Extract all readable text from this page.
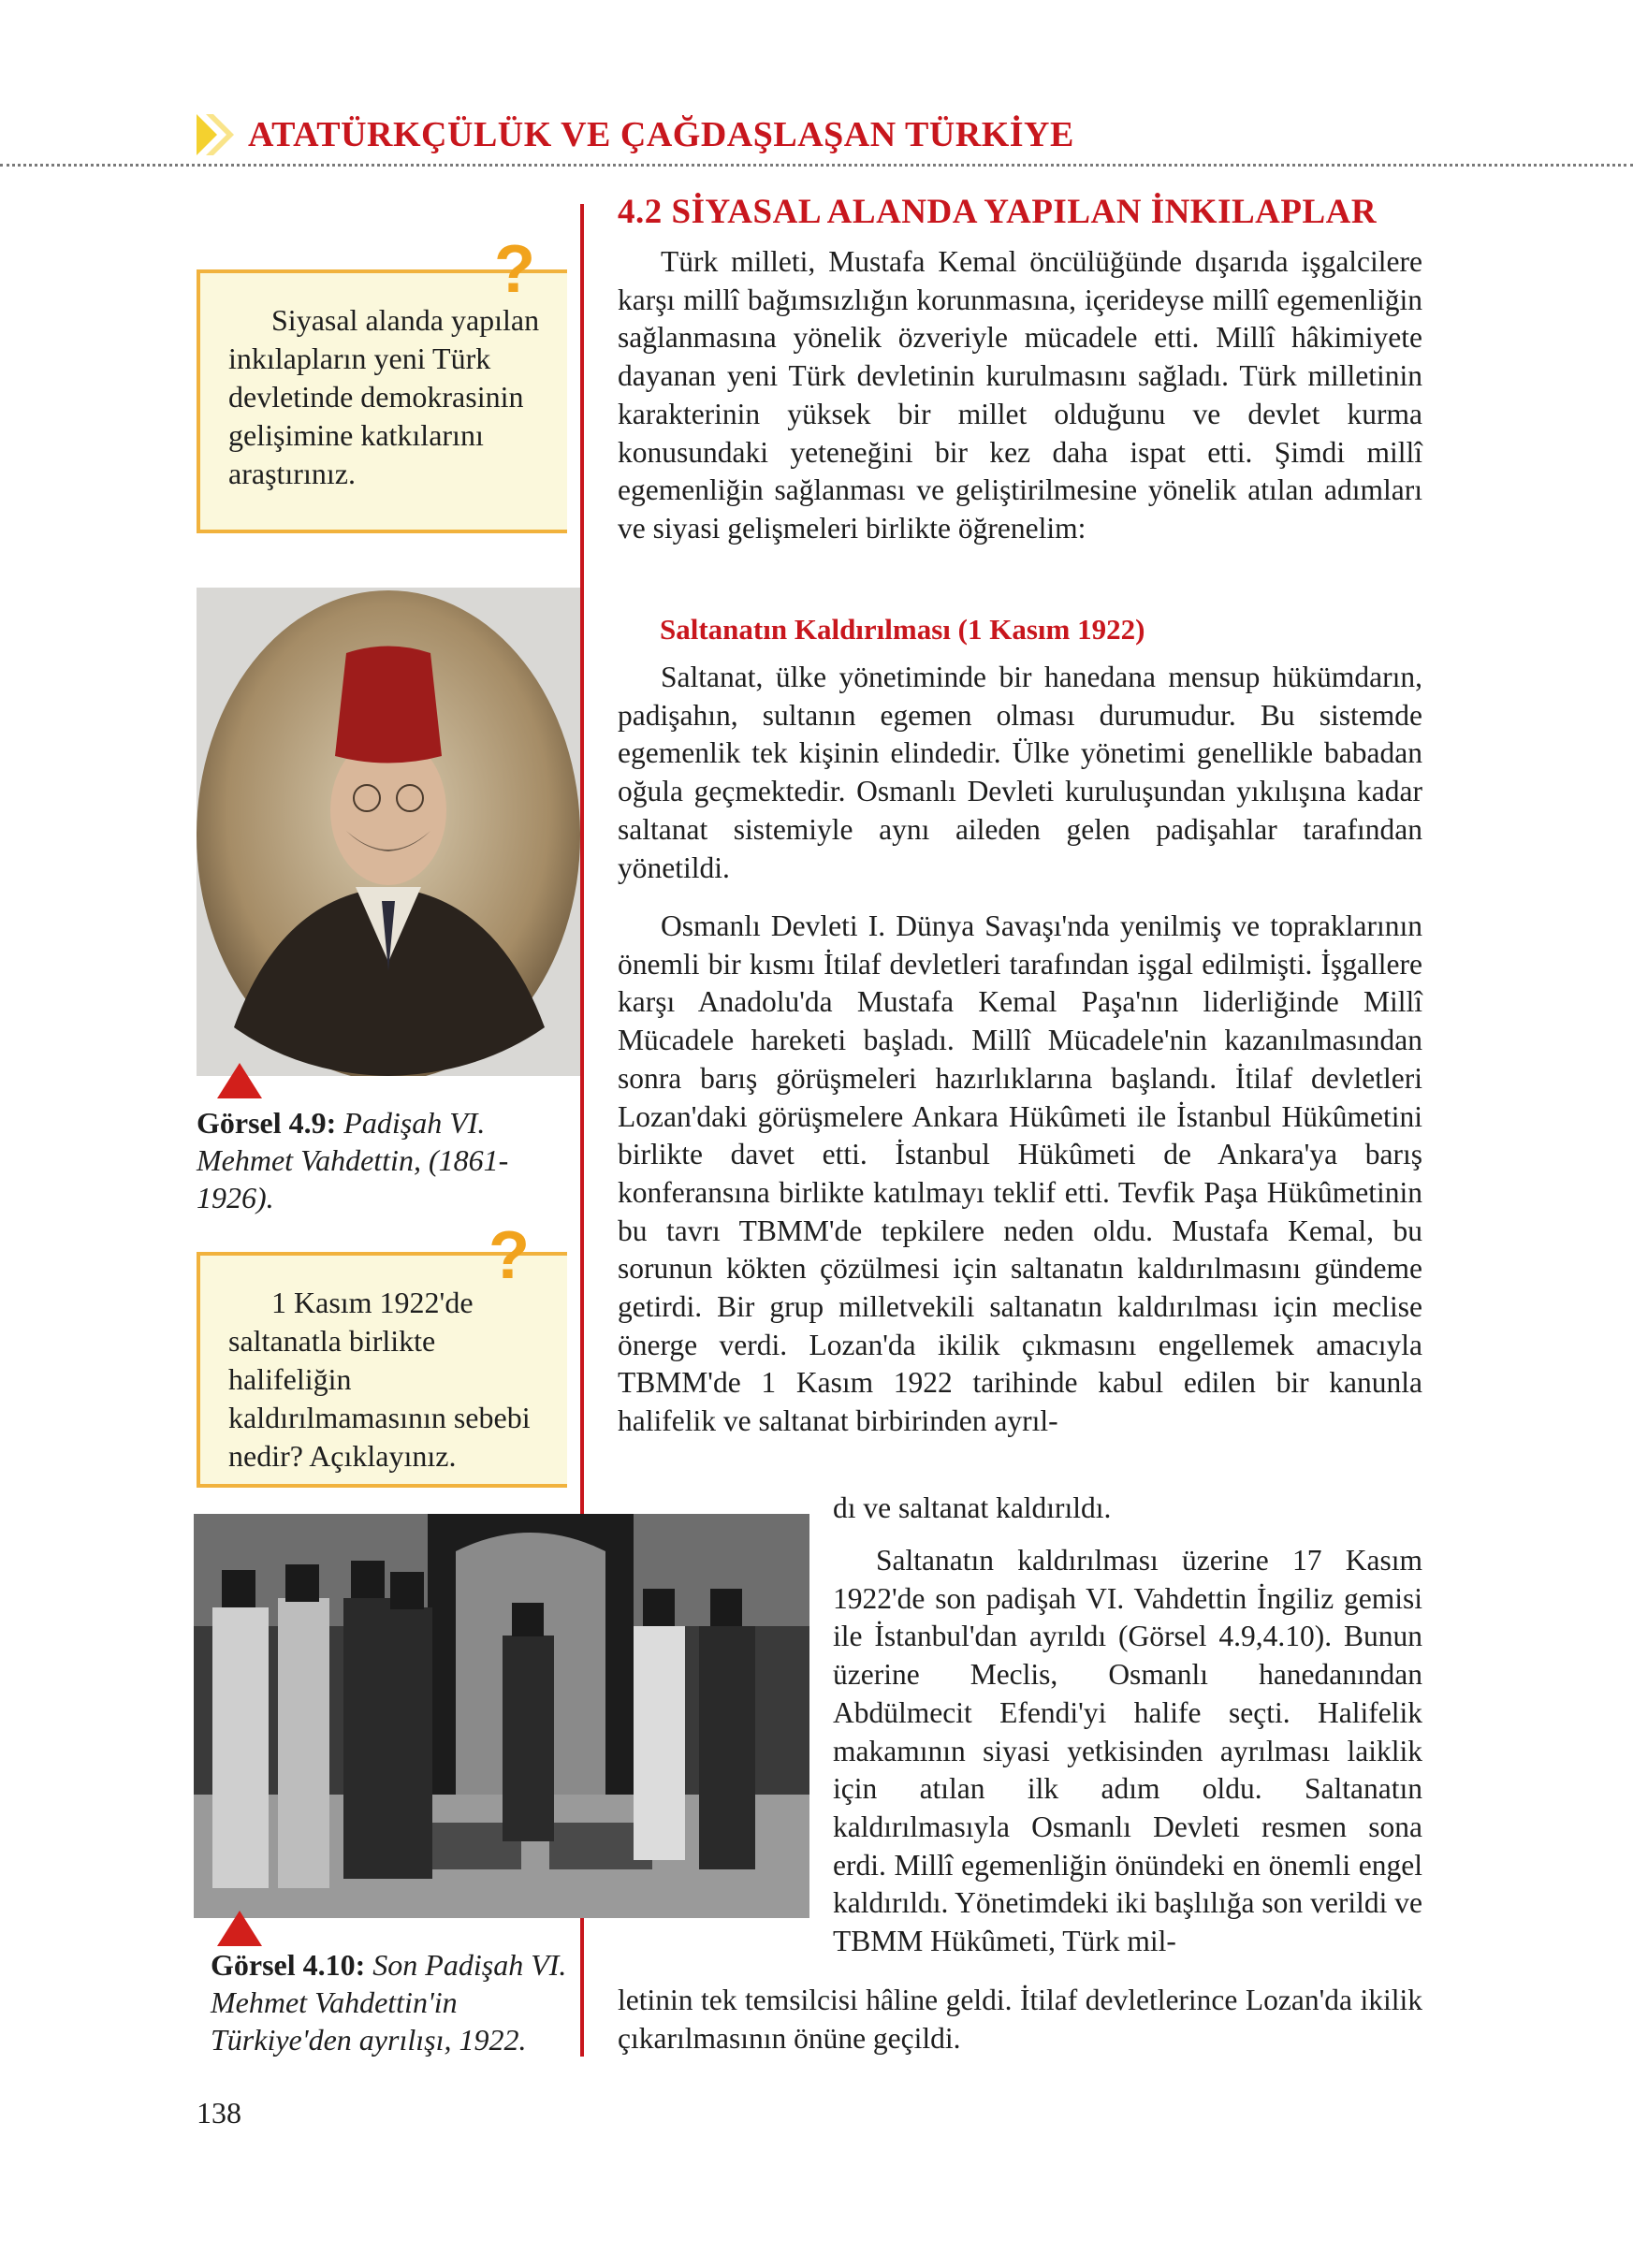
ATATÜRKÇÜLÜK VE ÇAĞDAŞLAŞAN TÜRKİYE
Siyasal alanda yapılan inkılapların yeni Türk devletinde demokrasinin gelişimine katkılarını araştırınız.
?
Görsel 4.9: Padişah VI. Mehmet Vahdettin, (1861-1926).
1 Kasım 1922'de saltanatla birlikte halifeliğin kaldırılmamasının sebebi nedir? Açıklayınız.
?
Görsel 4.10: Son Padişah VI. Mehmet Vahdettin'in Türkiye'den ayrılışı, 1922.
4.2 SİYASAL ALANDA YAPILAN İNKILAPLAR
Türk milleti, Mustafa Kemal öncülüğünde dışarıda işgalcilere karşı millî bağımsızlığın korunmasına, içerideyse millî egemenliğin sağlanmasına yönelik özveriyle mücadele etti. Millî hâkimiyete dayanan yeni Türk devletinin kurulmasını sağladı. Türk milletinin karakterinin yüksek bir millet olduğunu ve devlet kurma konusundaki yeteneğini bir kez daha ispat etti. Şimdi millî egemenliğin sağlanması ve geliştirilmesine yönelik atılan adımları ve siyasi gelişmeleri birlikte öğrenelim:
Saltanatın Kaldırılması (1 Kasım 1922)
Saltanat, ülke yönetiminde bir hanedana mensup hükümdarın, padişahın, sultanın egemen olması durumudur. Bu sistemde egemenlik tek kişinin elindedir. Ülke yönetimi genellikle babadan oğula geçmektedir. Osmanlı Devleti kuruluşundan yıkılışına kadar saltanat sistemiyle aynı aileden gelen padişahlar tarafından yönetildi.
Osmanlı Devleti I. Dünya Savaşı'nda yenilmiş ve topraklarının önemli bir kısmı İtilaf devletleri tarafından işgal edilmişti. İşgallere karşı Anadolu'da Mustafa Kemal Paşa'nın liderliğinde Millî Mücadele hareketi başladı. Millî Mücadele'nin kazanılmasından sonra barış görüşmeleri hazırlıklarına başlandı. İtilaf devletleri Lozan'daki görüşmelere Ankara Hükûmeti ile İstanbul Hükûmetini birlikte davet etti. İstanbul Hükûmeti de Ankara'ya barış konferansına birlikte katılmayı teklif etti. Tevfik Paşa Hükûmetinin bu tavrı TBMM'de tepkilere neden oldu. Mustafa Kemal, bu sorunun kökten çözülmesi için saltanatın kaldırılmasını gündeme getirdi. Bir grup milletvekili saltanatın kaldırılması için meclise önerge verdi. Lozan'da ikilik çıkmasını engellemek amacıyla TBMM'de 1 Kasım 1922 tarihinde kabul edilen bir kanunla halifelik ve saltanat birbirinden ayrıl-
dı ve saltanat kaldırıldı.
Saltanatın kaldırılması üzerine 17 Kasım 1922'de son padişah VI. Vahdettin İngiliz gemisi ile İstanbul'dan ayrıldı (Görsel 4.9,4.10). Bunun üzerine Meclis, Osmanlı hanedanından Abdülmecit Efendi'yi halife seçti. Halifelik makamının siyasi yetkisinden ayrılması laiklik için atılan ilk adım oldu. Saltanatın kaldırılmasıyla Osmanlı Devleti resmen sona erdi. Millî egemenliğin önündeki en önemli engel kaldırıldı. Yönetimdeki iki başlılığa son verildi ve TBMM Hükûmeti, Türk mil-
letinin tek temsilcisi hâline geldi. İtilaf devletlerince Lozan'da ikilik çıkarılmasının önüne geçildi.
138
